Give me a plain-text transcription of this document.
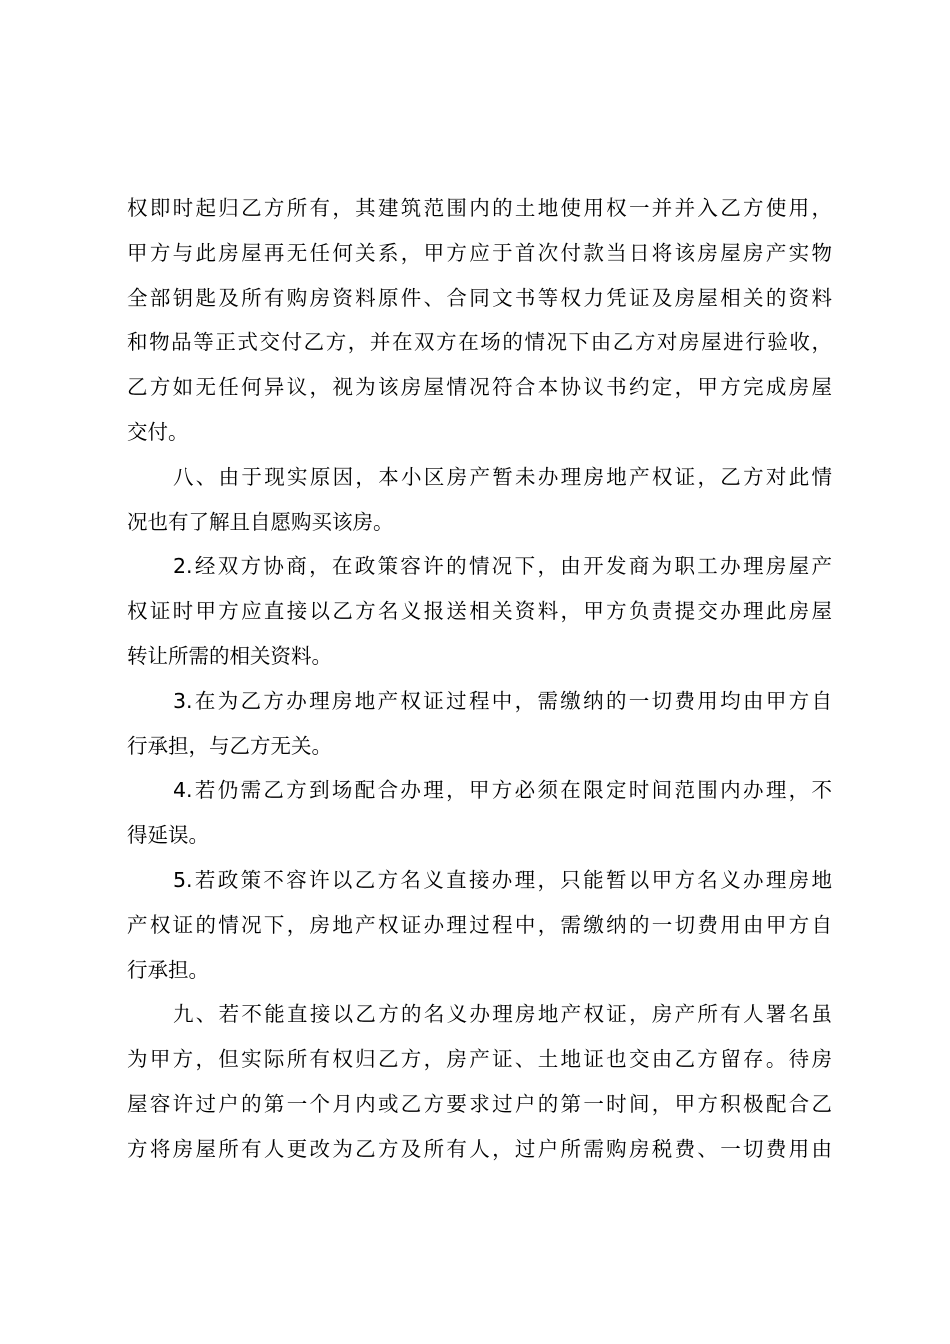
权即时起归乙方所有，其建筑范围内的土地使用权一并并入乙方使用，
甲方与此房屋再无任何关系，甲方应于首次付款当日将该房屋房产实物
全部钥匙及所有购房资料原件、合同文书等权力凭证及房屋相关的资料
和物品等正式交付乙方，并在双方在场的情况下由乙方对房屋进行验收，
乙方如无任何异议，视为该房屋情况符合本协议书约定，甲方完成房屋
交付。
八、由于现实原因，本小区房产暂未办理房地产权证，乙方对此情
况也有了解且自愿购买该房。
2.经双方协商，在政策容许的情况下，由开发商为职工办理房屋产
权证时甲方应直接以乙方名义报送相关资料，甲方负责提交办理此房屋
转让所需的相关资料。
3.在为乙方办理房地产权证过程中，需缴纳的一切费用均由甲方自
行承担，与乙方无关。
4.若仍需乙方到场配合办理，甲方必须在限定时间范围内办理，不
得延误。
5.若政策不容许以乙方名义直接办理，只能暂以甲方名义办理房地
产权证的情况下，房地产权证办理过程中，需缴纳的一切费用由甲方自
行承担。
九、若不能直接以乙方的名义办理房地产权证，房产所有人署名虽
为甲方，但实际所有权归乙方，房产证、土地证也交由乙方留存。待房
屋容许过户的第一个月内或乙方要求过户的第一时间，甲方积极配合乙
方将房屋所有人更改为乙方及所有人，过户所需购房税费、一切费用由
